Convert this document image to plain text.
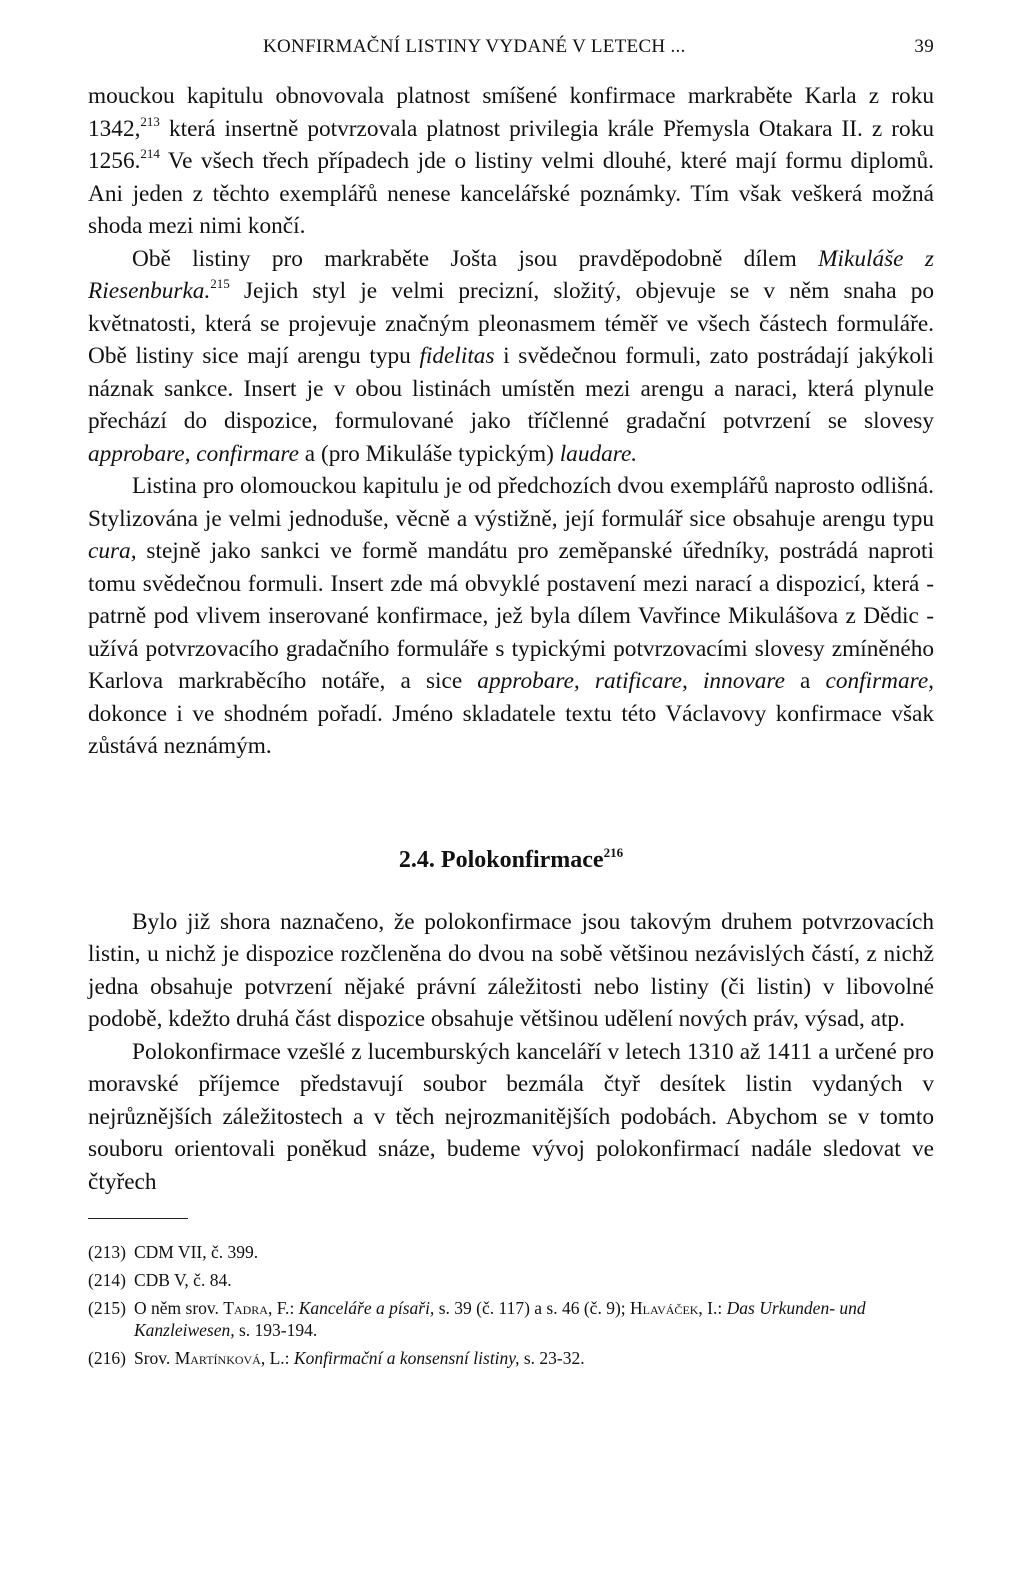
KONFIRMAČNÍ LISTINY VYDANÉ V LETECH ...	39

mouckou kapitulu obnovovala platnost smíšené konfirmace markraběte Karla z roku 1342,$^{213}$ která insertně potvrzovala platnost privilegia krále Přemysla Otakara II. z roku 1256.$^{214}$ Ve všech třech případech jde o listiny velmi dlouhé, které mají formu diplomů. Ani jeden z těchto exemplářů nenese kancelářské poznámky. Tím však veškerá možná shoda mezi nimi končí.

Obě listiny pro markraběte Jošta jsou pravděpodobně dílem Mikuláše z Riesenburka.$^{215}$ Jejich styl je velmi precizní, složitý, objevuje se v něm snaha po květnatosti, která se projevuje značným pleonasmem téměř ve všech částech formuláře. Obě listiny sice mají arengu typu fidelitas i svědečnou formuli, zato postrádají jakýkoli náznak sankce. Insert je v obou listinách umístěn mezi arengu a naraci, která plynule přechází do dispozice, formulované jako tříčlenné gradační potvrzení se slovesy approbare, confirmare a (pro Mikuláše typickým) laudare.

Listina pro olomouckou kapitulu je od předchozích dvou exemplářů naprosto odlišná. Stylizována je velmi jednoduše, věcně a výstižně, její formulář sice obsahuje arengu typu cura, stejně jako sankci ve formě mandátu pro zeměpanské úředníky, postrádá naproti tomu svědečnou formuli. Insert zde má obvyklé postavení mezi narací a dispozicí, která - patrně pod vlivem inserované konfirmace, jež byla dílem Vavřince Mikulášova z Dědic - užívá potvrzovacího gradačního formuláře s typickými potvrzovacími slovesy zmíněného Karlova markraběcího notáře, a sice approbare, ratificare, innovare a confirmare, dokonce i ve shodném pořadí. Jméno skladatele textu této Václavovy konfirmace však zůstává neznámým.

2.4. Polokonfirmace$^{216}$

Bylo již shora naznačeno, že polokonfirmace jsou takovým druhem potvrzovacích listin, u nichž je dispozice rozčleněna do dvou na sobě většinou nezávislých částí, z nichž jedna obsahuje potvrzení nějaké právní záležitosti nebo listiny (či listin) v libovolné podobě, kdežto druhá část dispozice obsahuje většinou udělení nových práv, výsad, atp.

Polokonfirmace vzešlé z lucemburských kanceláří v letech 1310 až 1411 a určené pro moravské příjemce představují soubor bezmála čtyř desítek listin vydaných v nejrůznějších záležitostech a v těch nejrozmanitějších podobách. Abychom se v tomto souboru orientovali poněkud snáze, budeme vývoj polokonfirmací nadále sledovat ve čtyřech

(213) CDM VII, č. 399.
(214) CDB V, č. 84.
(215) O něm srov. Tadra, F.: Kanceláře a písaři, s. 39 (č. 117) a s. 46 (č. 9); Hlaváček, I.: Das Urkunden- und Kanzleiwesen, s. 193-194.
(216) Srov. Martínková, L.: Konfirmační a konsensní listiny, s. 23-32.
